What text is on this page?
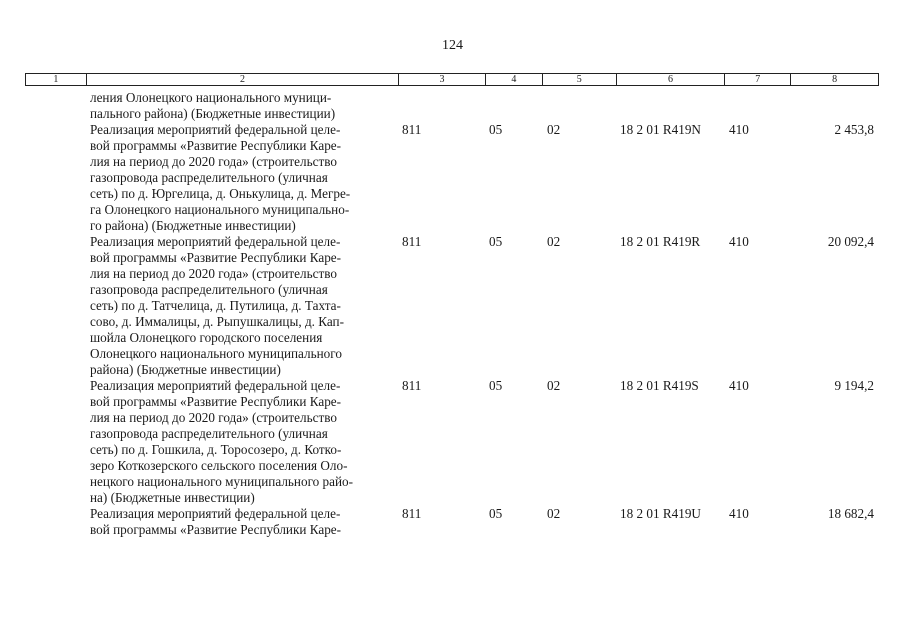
124
1	2	3	4	5	6	7	8
ления Олонецкого национального муници-
пального района) (Бюджетные инвестиции)
Реализация мероприятий федеральной целе-
вой программы «Развитие Республики Каре-
лия на период до 2020 года» (строительство
газопровода распределительного (уличная
сеть) по д. Юргелица, д. Онькулица, д. Мегре-
га Олонецкого национального муниципально-
го района) (Бюджетные инвестиции)
811	05	02	18 2 01 R419N 410	2 453,8
Реализация мероприятий федеральной целе-
вой программы «Развитие Республики Каре-
лия на период до 2020 года» (строительство
газопровода распределительного (уличная
сеть) по д. Татчелица, д. Путилица, д. Тахта-
сово, д. Иммалицы, д. Рыпушкалицы, д. Кап-
шойла Олонецкого городского поселения
Олонецкого национального муниципального
района) (Бюджетные инвестиции)
811	05	02	18 2 01 R419R 410	20 092,4
Реализация мероприятий федеральной целе-
вой программы «Развитие Республики Каре-
лия на период до 2020 года» (строительство
газопровода распределительного (уличная
сеть) по д. Гошкила, д. Торосозеро, д. Котко-
зеро Коткозерского сельского поселения Оло-
нецкого национального муниципального райо-
на) (Бюджетные инвестиции)
811	05	02	18 2 01 R419S 410	9 194,2
Реализация мероприятий федеральной целе-
вой программы «Развитие Республики Каре-
811	05	02	18 2 01 R419U 410	18 682,4
